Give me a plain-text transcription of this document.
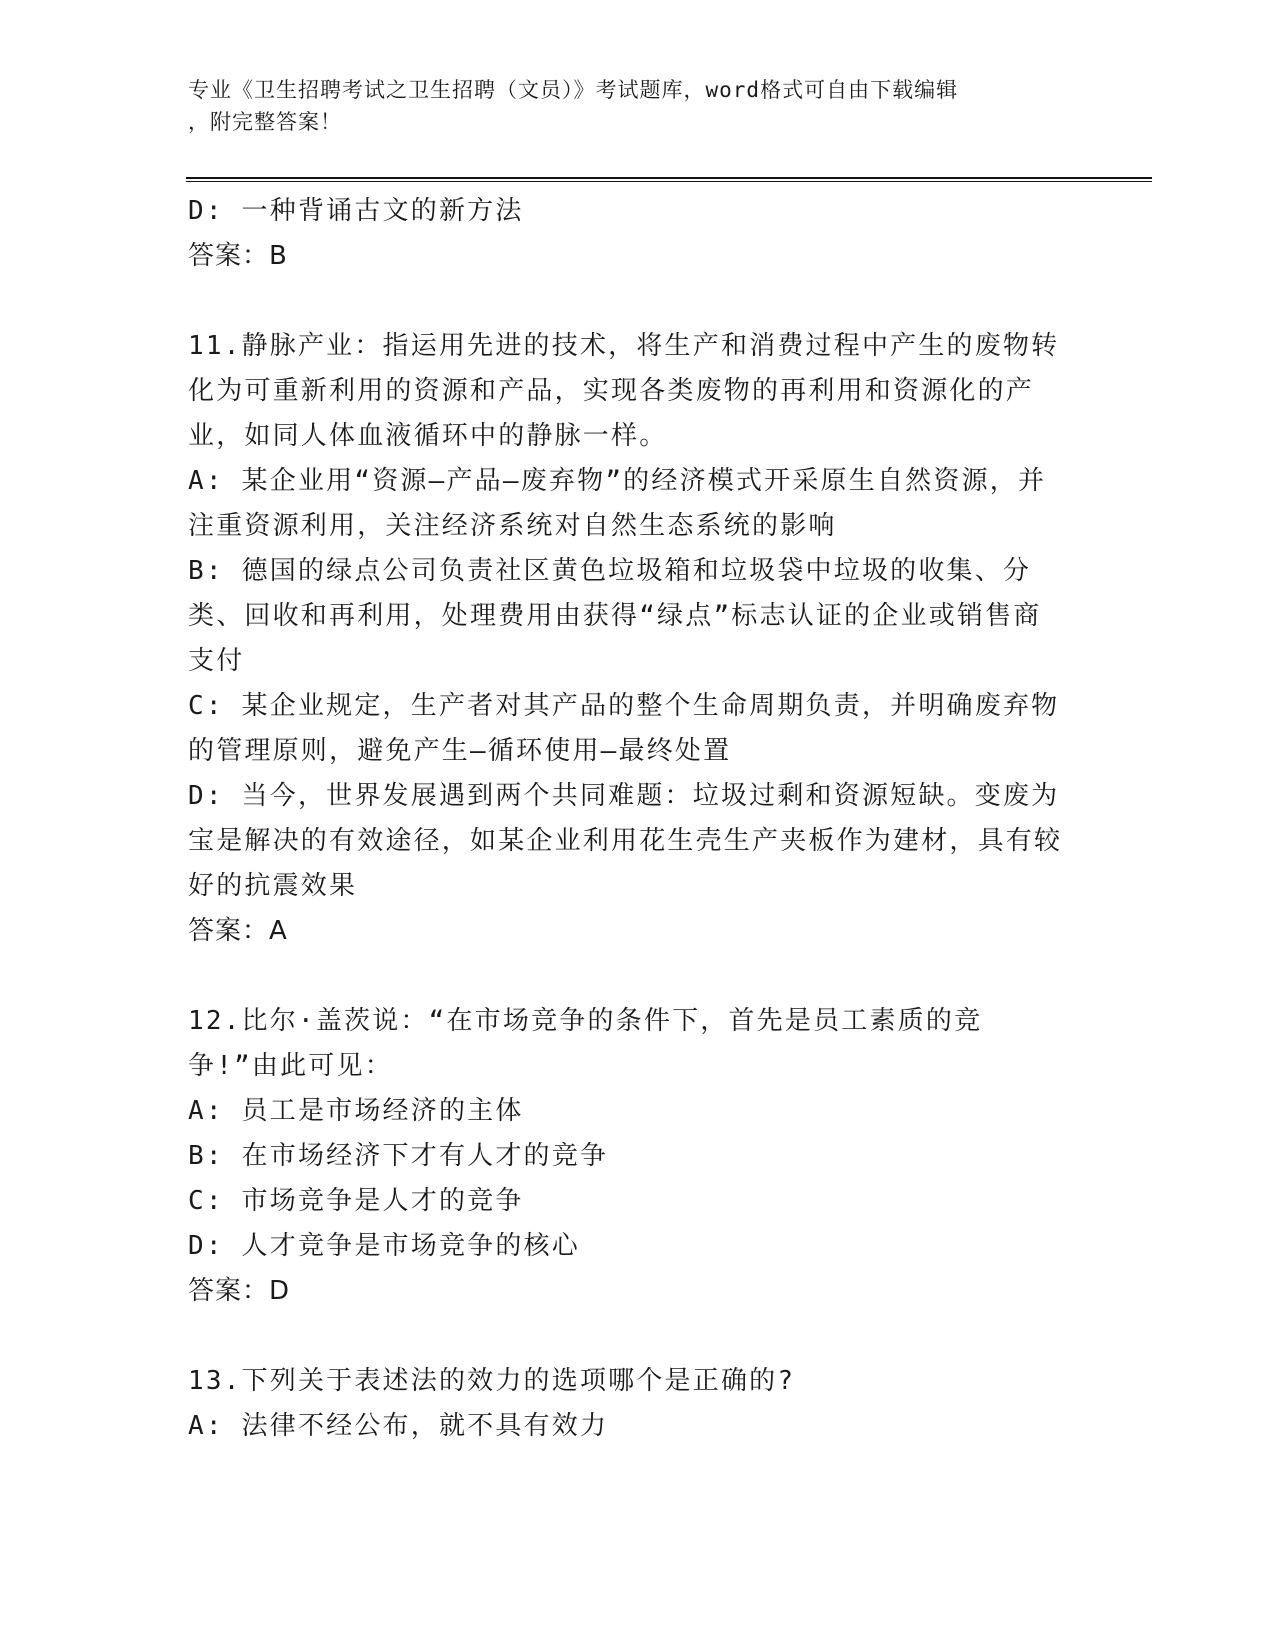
专业《卫生招聘考试之卫生招聘（文员）》考试题库，word格式可自由下载编辑
，附完整答案！

D: 一种背诵古文的新方法

答案：B

11.静脉产业：指运用先进的技术，将生产和消费过程中产生的废物转化为可重新利用的资源和产品，实现各类废物的再利用和资源化的产业，如同人体血液循环中的静脉一样。

A: 某企业用“资源—产品—废弃物”的经济模式开采原生自然资源，并注重资源利用，关注经济系统对自然生态系统的影响

B: 德国的绿点公司负责社区黄色垃圾箱和垃圾袋中垃圾的收集、分类、回收和再利用，处理费用由获得“绿点”标志认证的企业或销售商支付

C: 某企业规定，生产者对其产品的整个生命周期负责，并明确废弃物的管理原则，避免产生—循环使用—最终处置

D: 当今，世界发展遇到两个共同难题：垃圾过剩和资源短缺。变废为宝是解决的有效途径，如某企业利用花生壳生产夹板作为建材，具有较好的抗震效果

答案：A

12.比尔·盖茨说：“在市场竞争的条件下，首先是员工素质的竞争!”由此可见：

A: 员工是市场经济的主体

B: 在市场经济下才有人才的竞争

C: 市场竞争是人才的竞争

D: 人才竞争是市场竞争的核心

答案：D

13.下列关于表述法的效力的选项哪个是正确的?

A: 法律不经公布，就不具有效力
